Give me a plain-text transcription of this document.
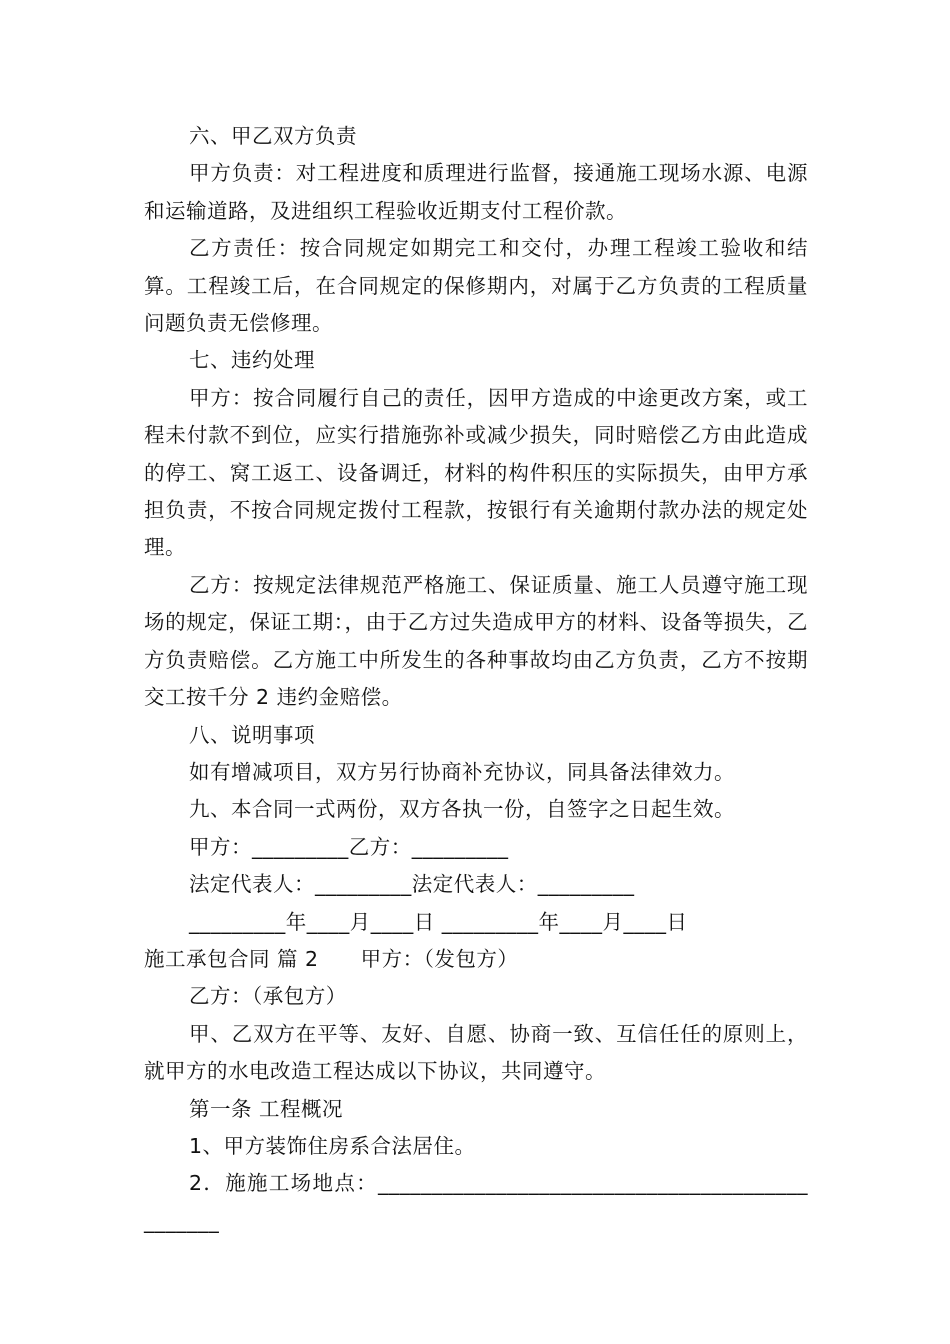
六、甲乙双方负责

甲方负责：对工程进度和质理进行监督，接通施工现场水源、电源和运输道路，及进组织工程验收近期支付工程价款。

乙方责任：按合同规定如期完工和交付，办理工程竣工验收和结算。工程竣工后，在合同规定的保修期内，对属于乙方负责的工程质量问题负责无偿修理。

七、违约处理

甲方：按合同履行自己的责任，因甲方造成的中途更改方案，或工程未付款不到位，应实行措施弥补或减少损失，同时赔偿乙方由此造成的停工、窝工返工、设备调迁，材料的构件积压的实际损失，由甲方承担负责，不按合同规定拨付工程款，按银行有关逾期付款办法的规定处理。

乙方：按规定法律规范严格施工、保证质量、施工人员遵守施工现场的规定，保证工期：，由于乙方过失造成甲方的材料、设备等损失，乙方负责赔偿。乙方施工中所发生的各种事故均由乙方负责，乙方不按期交工按千分 2 违约金赔偿。

八、说明事项

如有增减项目，双方另行协商补充协议，同具备法律效力。

九、本合同一式两份，双方各执一份，自签字之日起生效。

甲方：_________乙方：_________

法定代表人：_________法定代表人：_________

_________年____月____日 _________年____月____日

施工承包合同 篇 2　　甲方：（发包方）

乙方：（承包方）

甲、乙双方在平等、友好、自愿、协商一致、互信任任的原则上，就甲方的水电改造工程达成以下协议，共同遵守。

第一条 工程概况

1、甲方装饰住房系合法居住。

2．施施工场地点：_______________________________________________
